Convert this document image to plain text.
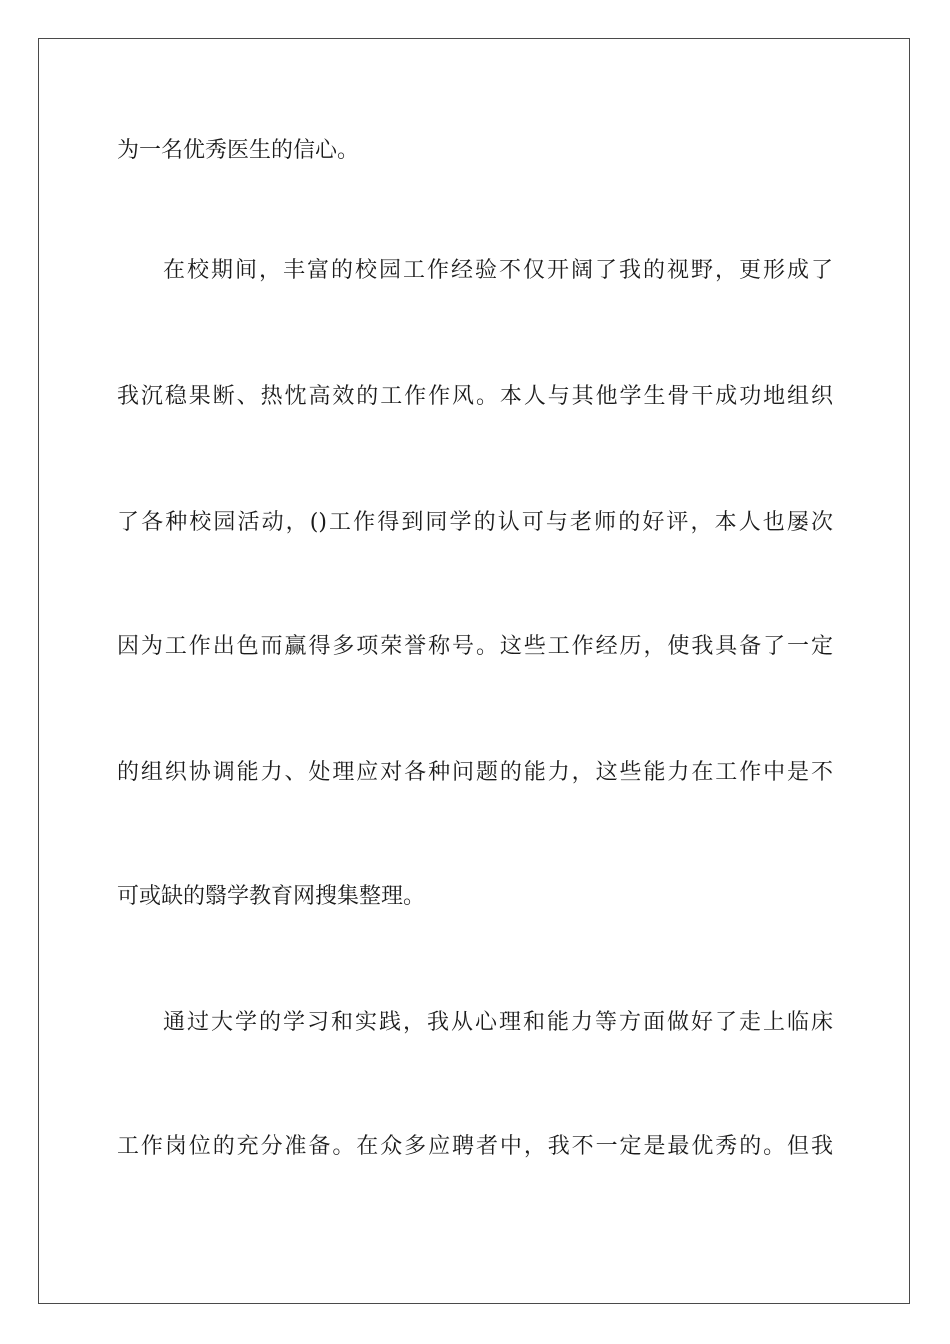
为一名优秀医生的信心。
在校期间，丰富的校园工作经验不仅开阔了我的视野，更形成了
我沉稳果断、热忱高效的工作作风。本人与其他学生骨干成功地组织
了各种校园活动，()工作得到同学的认可与老师的好评，本人也屡次
因为工作出色而赢得多项荣誉称号。这些工作经历，使我具备了一定
的组织协调能力、处理应对各种问题的能力，这些能力在工作中是不
可或缺的翳学教育网搜集整理。
通过大学的学习和实践，我从心理和能力等方面做好了走上临床
工作岗位的充分准备。在众多应聘者中，我不一定是最优秀的。但我
